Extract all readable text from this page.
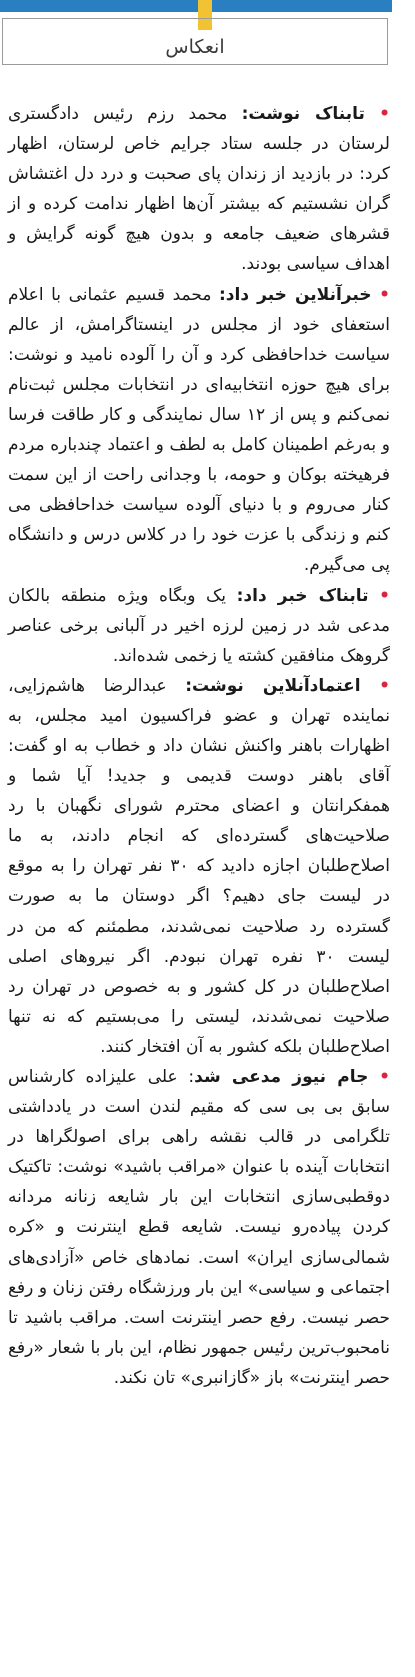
انعکاس

• تابناک نوشت: محمد رزم رئیس دادگستری لرستان در جلسه ستاد جرایم خاص لرستان، اظهار کرد: در بازدید از زندان پای صحبت و درد دل اغتشاش گران نشستیم که بیشتر آن‌ها اظهار ندامت کرده و از قشرهای ضعیف جامعه و بدون هیچ گونه گرایش و اهداف سیاسی بودند.

• خبرآنلاین خبر داد: محمد قسیم عثمانی با اعلام استعفای خود از مجلس در اینستاگرامش، از عالم سیاست خداحافظی کرد و آن را آلوده نامید و نوشت: برای هیچ حوزه انتخابیه‌ای در انتخابات مجلس ثبت‌نام نمی‌کنم و پس از ۱۲ سال نمایندگی و کار طاقت فرسا و به‌رغم اطمینان کامل به لطف و اعتماد چندباره مردم فرهیخته بوکان و حومه، با وجدانی راحت از این سمت کنار می‌روم و با دنیای آلوده سیاست خداحافظی می کنم و زندگی با عزت خود را در کلاس درس و دانشگاه پی می‌گیرم.

• تابناک خبر داد: یک وبگاه ویژه منطقه بالکان مدعی شد در زمین لرزه اخیر در آلبانی برخی عناصر گروهک منافقین کشته یا زخمی شده‌اند.

• اعتمادآنلاین نوشت: عبدالرضا هاشم‌زایی، نماینده تهران و عضو فراکسیون امید مجلس، به اظهارات باهنر واکنش نشان داد و خطاب به او گفت: آقای باهنر دوست قدیمی و جدید! آیا شما و همفکرانتان و اعضای محترم شورای نگهبان با رد صلاحیت‌های گسترده‌ای که انجام دادند، به ما اصلاح‌طلبان اجازه دادید که ۳۰ نفر تهران را به موقع در لیست جای دهیم؟ اگر دوستان ما به صورت گسترده رد صلاحیت نمی‌شدند، مطمئنم که من در لیست ۳۰ نفره تهران نبودم. اگر نیروهای اصلی اصلاح‌طلبان در کل کشور و به خصوص در تهران رد صلاحیت نمی‌شدند، لیستی را می‌بستیم که نه تنها اصلاح‌طلبان بلکه کشور به آن افتخار کنند.

• جام نیوز مدعی شد: علی علیزاده کارشناس سابق بی بی سی که مقیم لندن است در یادداشتی تلگرامی در قالب نقشه راهی برای اصولگراها در انتخابات آینده با عنوان «مراقب باشید» نوشت: تاکتیک دوقطبی‌سازی انتخابات این بار شایعه زنانه مردانه کردن پیاده‌رو نیست. شایعه قطع اینترنت و «کره شمالی‌سازی ایران» است. نمادهای خاص «آزادی‌های اجتماعی و سیاسی» این بار ورزشگاه رفتن زنان و رفع حصر نیست. رفع حصر اینترنت است. مراقب باشید تا نامحبوب‌ترین رئیس جمهور نظام، این بار با شعار «رفع حصر اینترنت» باز «گازانبری» تان نکند.
